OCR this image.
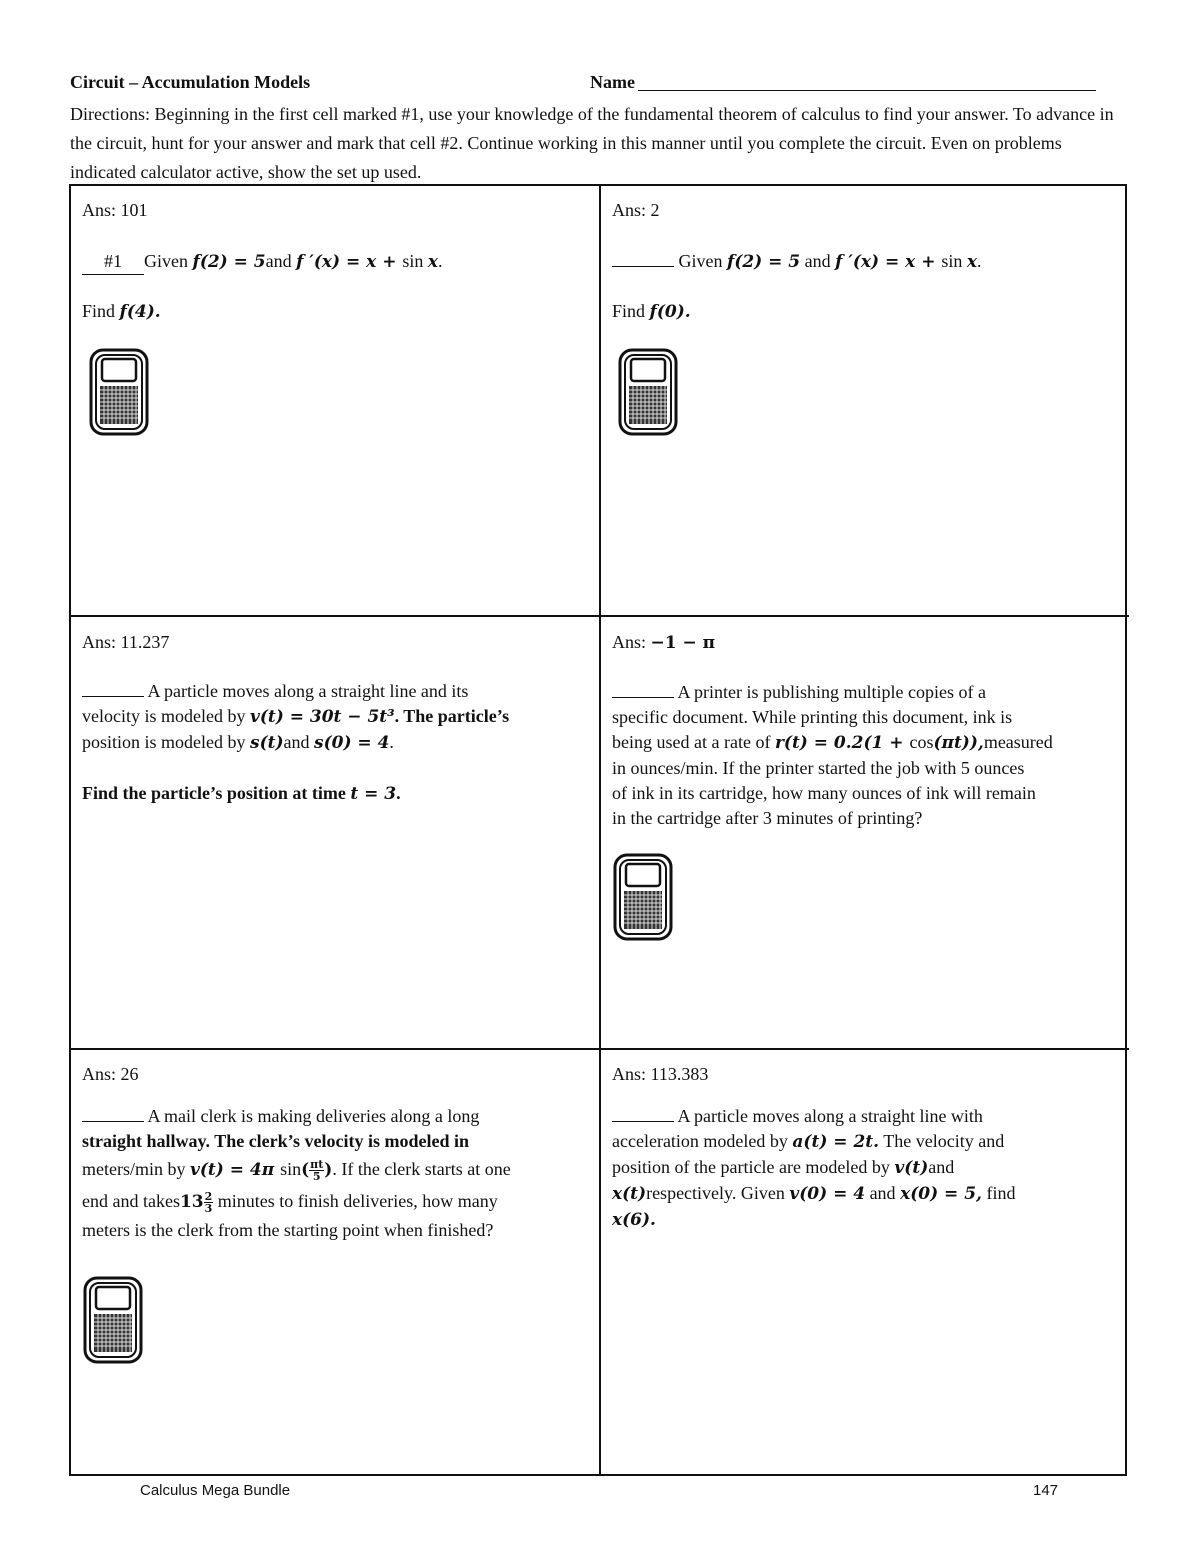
Circuit – Accumulation Models	Name
Directions: Beginning in the first cell marked #1, use your knowledge of the fundamental theorem of calculus to find your answer. To advance in the circuit, hunt for your answer and mark that cell #2. Continue working in this manner until you complete the circuit. Even on problems indicated calculator active, show the set up used.

Ans: 101

#1 Given f(2) = 5and f ′(x) = x + sin x.

Find f(4).

Ans: 2

Given f(2) = 5 and f ′(x) = x + sin x.

Find f(0).

Ans: 11.237

A particle moves along a straight line and its

velocity is modeled by v(t) = 30t − 5t³. The particle’s

position is modeled by s(t)and s(0) = 4.

Find the particle’s position at time t = 3.

Ans: −1 − π

A printer is publishing multiple copies of a

specific document. While printing this document, ink is

being used at a rate of r(t) = 0.2(1 + cos(πt)),measured

in ounces/min. If the printer started the job with 5 ounces

of ink in its cartridge, how many ounces of ink will remain

in the cartridge after 3 minutes of printing?

Ans: 26

A mail clerk is making deliveries along a long

straight hallway. The clerk’s velocity is modeled in

meters/min by v(t) = 4π $\sin( \frac{\pi t}{5}$ ). If the clerk starts at one

end and takes13 $\frac{2}{3}$ minutes to finish deliveries, how many

meters is the clerk from the starting point when finished?

Ans: 113.383

A particle moves along a straight line with

acceleration modeled by a(t) = 2t. The velocity and

position of the particle are modeled by v(t)and

x(t)respectively. Given v(0) = 4 and x(0) = 5, find

x(6).

Calculus Mega Bundle	147
